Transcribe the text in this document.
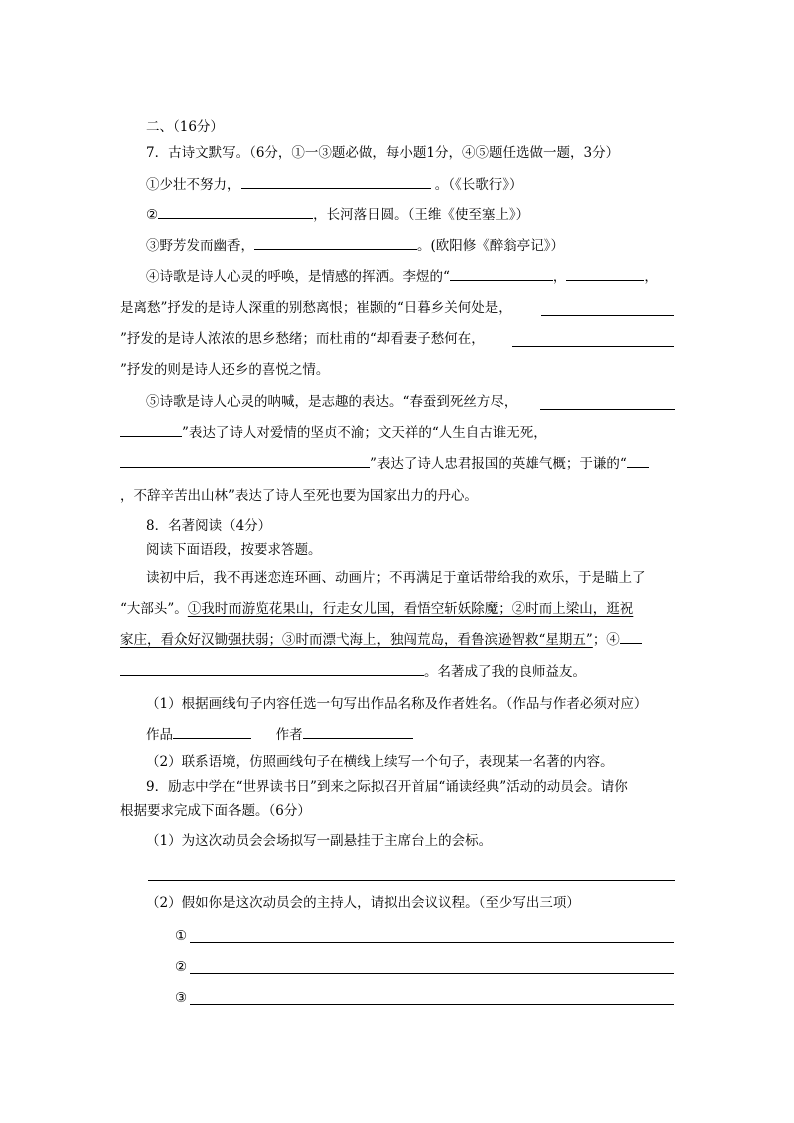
二、（16分）
7．古诗文默写。（6分，①一③题必做，每小题1分，④⑤题任选做一题，3分）
①少壮不努力，	。（《长歌行》）
②	，长河落日圆。（王维《使至塞上》）
③野芳发而幽香，	。(欧阳修《醉翁亭记》）
④诗歌是诗人心灵的呼唤，是情感的挥洒。李煜的“	，	，
是离愁”抒发的是诗人深重的别愁离恨；崔颢的“日暮乡关何处是，
”抒发的是诗人浓浓的思乡愁绪；而杜甫的“却看妻子愁何在，
”抒发的则是诗人还乡的喜悦之情。
⑤诗歌是诗人心灵的呐喊，是志趣的表达。“春蚕到死丝方尽，
”表达了诗人对爱情的坚贞不渝；文天祥的“人生自古谁无死，
”表达了诗人忠君报国的英雄气概；于谦的“
，不辞辛苦出山林”表达了诗人至死也要为国家出力的丹心。
8．名著阅读（4分）
阅读下面语段，按要求答题。
读初中后，我不再迷恋连环画、动画片；不再满足于童话带给我的欢乐，于是瞄上了
“大部头”。①我时而游览花果山，行走女儿国，看悟空斩妖除魔；②时而上梁山，逛祝
家庄，看众好汉锄强扶弱；③时而漂弋海上，独闯荒岛，看鲁滨逊智救“星期五”；④
。名著成了我的良师益友。
（1）根据画线句子内容任选一句写出作品名称及作者姓名。（作品与作者必须对应）
作品	作者
（2）联系语境，仿照画线句子在横线上续写一个句子，表现某一名著的内容。
9．励志中学在“世界读书日”到来之际拟召开首届“诵读经典”活动的动员会。请你
根据要求完成下面各题。（6分）
（1）为这次动员会会场拟写一副悬挂于主席台上的会标。
（2）假如你是这次动员会的主持人，请拟出会议议程。（至少写出三项）
①
②
③
